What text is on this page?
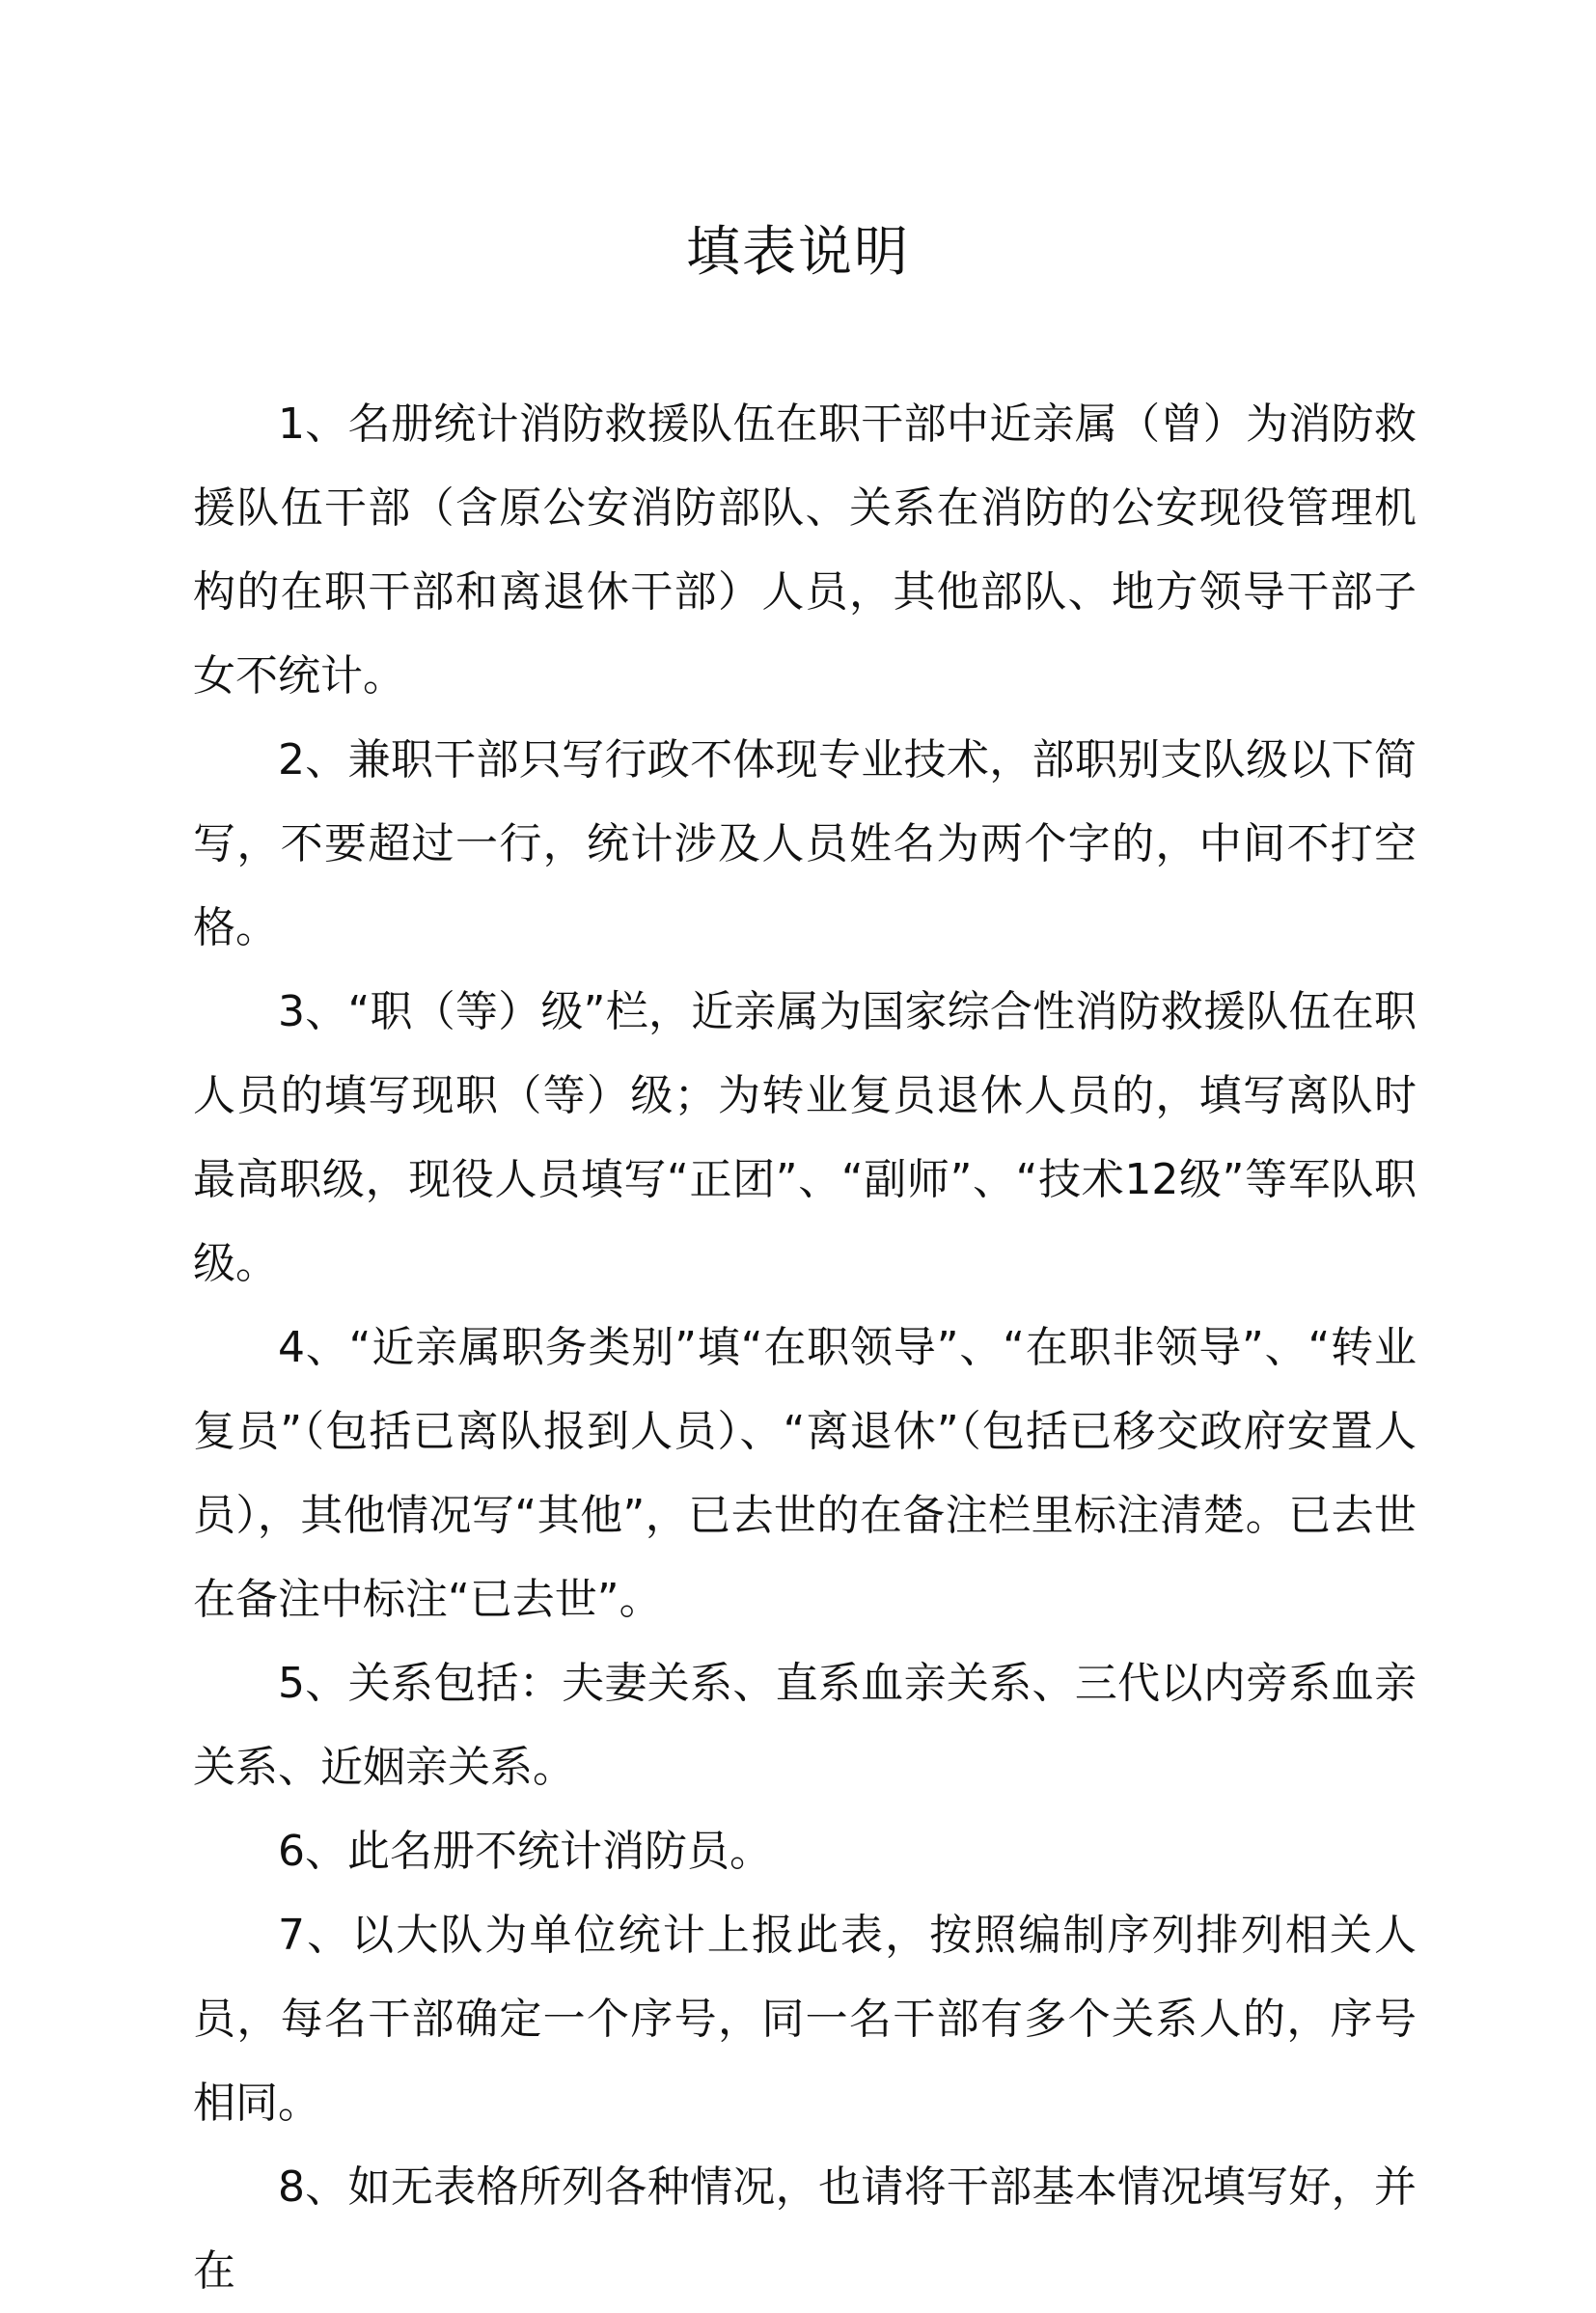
填表说明

1、名册统计消防救援队伍在职干部中近亲属（曾）为消防救援队伍干部（含原公安消防部队、关系在消防的公安现役管理机构的在职干部和离退休干部）人员，其他部队、地方领导干部子女不统计。

2、兼职干部只写行政不体现专业技术，部职别支队级以下简写，不要超过一行，统计涉及人员姓名为两个字的，中间不打空格。

3、“职（等）级”栏，近亲属为国家综合性消防救援队伍在职人员的填写现职（等）级；为转业复员退休人员的，填写离队时最高职级，现役人员填写“正团”、“副师”、“技术12级”等军队职级。

4、“近亲属职务类别”填“在职领导”、“在职非领导”、“转业复员”（包括已离队报到人员）、“离退休”（包括已移交政府安置人员），其他情况写“其他”，已去世的在备注栏里标注清楚。已去世在备注中标注“已去世”。

5、关系包括：夫妻关系、直系血亲关系、三代以内旁系血亲关系、近姻亲关系。

6、此名册不统计消防员。

7、以大队为单位统计上报此表，按照编制序列排列相关人员，每名干部确定一个序号，同一名干部有多个关系人的，序号相同。

8、如无表格所列各种情况，也请将干部基本情况填写好，并在
